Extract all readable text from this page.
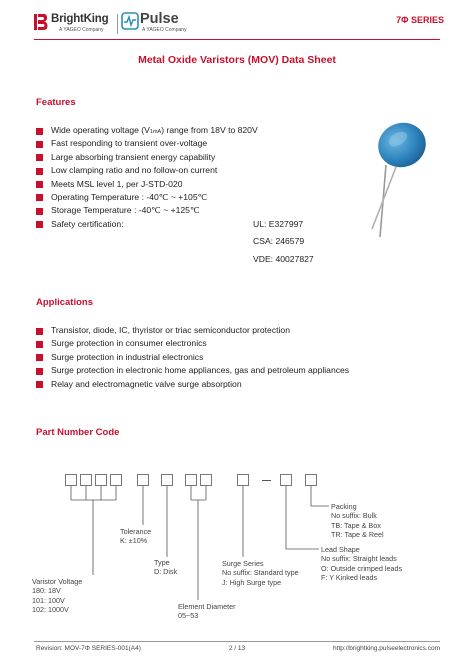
BrightKing
A YAGEO Company
Pulse
A YAGEO Company
7Φ SERIES
Metal Oxide Varistors (MOV) Data Sheet
Features
Wide operating voltage (V1mA) range from 18V to 820V
Fast responding to transient over-voltage
Large absorbing transient energy capability
Low clamping ratio and no follow-on current
Meets MSL level 1, per J-STD-020
Operating Temperature : -40℃ ~ +105℃
Storage Temperature : -40℃ ~ +125℃
Safety certification:	UL: E327997
CSA: 246579
VDE: 40027827
Applications
Transistor, diode, IC, thyristor or triac semiconductor protection
Surge protection in consumer electronics
Surge protection in industrial electronics
Surge protection in electronic home appliances, gas and petroleum appliances
Relay and electromagnetic valve surge absorption
Part Number Code
Packing
No suffix: Bulk
TB: Tape & Box
TR: Tape & Reel
Tolerance
K: ±10%
Lead Shape
No suffix: Straight leads
O: Outside crimped leads
F: Y Kinked leads
Type
D: Disk
Surge Series
No suffix: Standard type
J: High Surge type
Varistor Voltage
180: 18V
101: 100V
102: 1000V	Element Diameter
05~53
Revision: MOV-7Φ SERIES-001(A4)	2 / 13	http://brightking.pulseelectronics.com
